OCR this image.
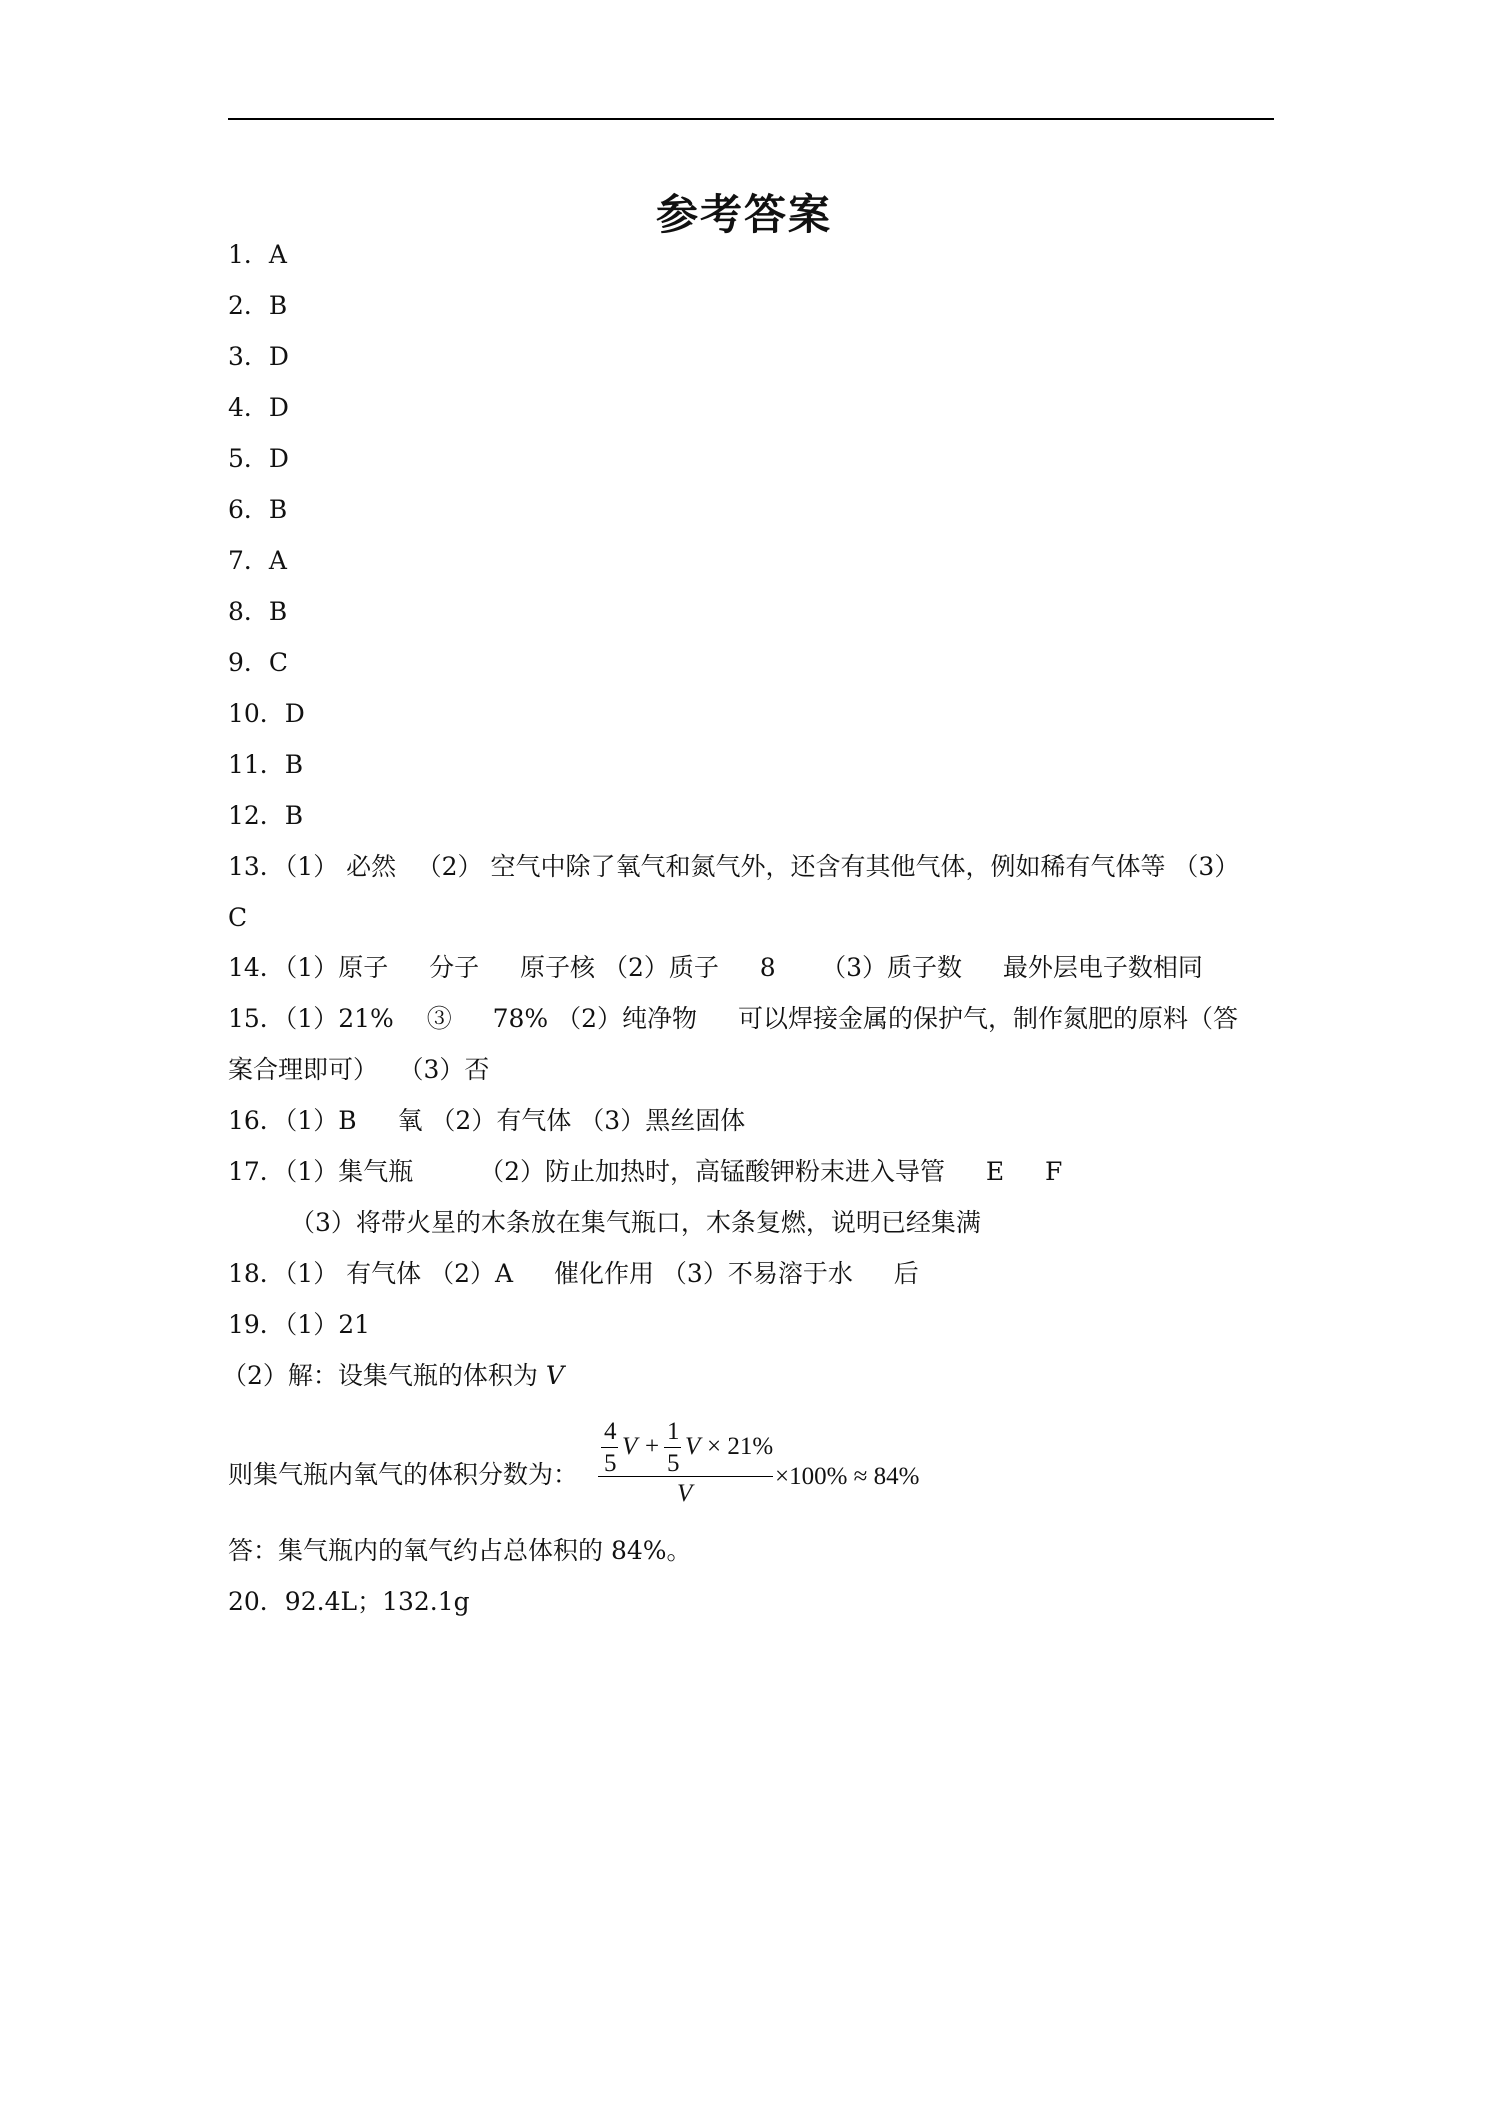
参考答案
1．A
2．B
3．D
4．D
5．D
6．B
7．A
8．B
9．C
10．D
11．B
12．B
13．（1） 必然 　（2） 空气中除了氧气和氮气外，还含有其他气体，例如稀有气体等 （3）
C
14．（1）原子 　 分子 　 原子核 （2）质子 　 8 　　（3）质子数 　 最外层电子数相同
15．（1）21% 　③ 　 78% （2）纯净物 　 可以焊接金属的保护气，制作氮肥的原料（答
案合理即可） 　（3）否
16．（1）B 　 氧 （2）有气体 （3）黑丝固体
17．（1）集气瓶 　　 （2）防止加热时，高锰酸钾粉末进入导管 　 E 　 F
（3）将带火星的木条放在集气瓶口，木条复燃，说明已经集满
18．（1） 有气体 （2）A 　 催化作用 （3）不易溶于水 　 后
19．（1）21
（2）解：设集气瓶的体积为 V
则集气瓶内氧气的体积分数为：
4
5
V +
1
5
V × 21%
V
×100% ≈ 84%
答：集气瓶内的氧气约占总体积的 84%。
20．92.4L；132.1g
